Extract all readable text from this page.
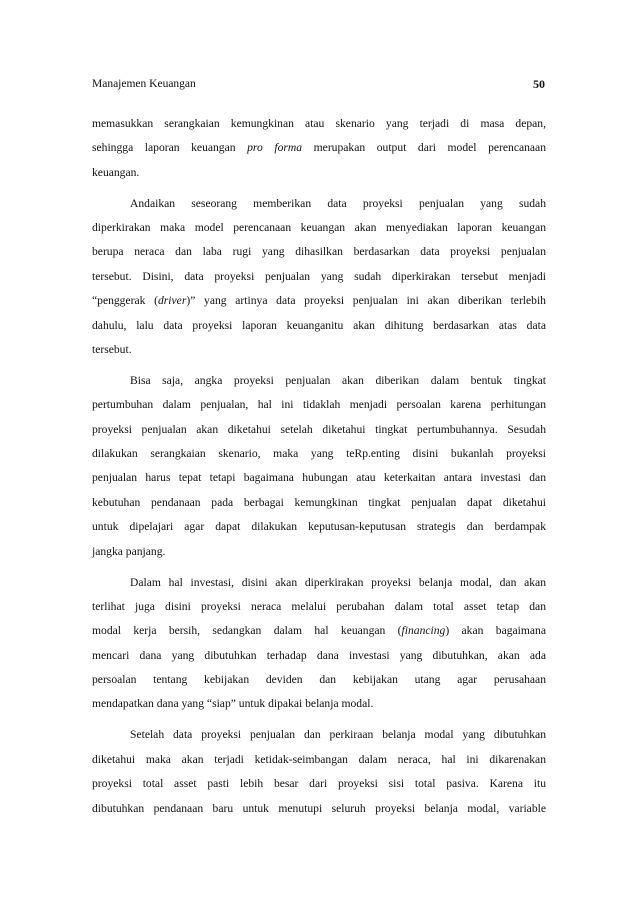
Manajemen Keuangan	50
memasukkan serangkaian kemungkinan atau skenario yang terjadi di masa depan,
sehingga laporan keuangan pro forma merupakan output dari model perencanaan
keuangan.
Andaikan seseorang memberikan data proyeksi penjualan yang sudah
diperkirakan maka model perencanaan keuangan akan menyediakan laporan keuangan
berupa neraca dan laba rugi yang dihasilkan berdasarkan data proyeksi penjualan
tersebut. Disini, data proyeksi penjualan yang sudah diperkirakan tersebut menjadi
“penggerak (driver)” yang artinya data proyeksi penjualan ini akan diberikan terlebih
dahulu, lalu data proyeksi laporan keuanganitu akan dihitung berdasarkan atas data
tersebut.
Bisa saja, angka proyeksi penjualan akan diberikan dalam bentuk tingkat
pertumbuhan dalam penjualan, hal ini tidaklah menjadi persoalan karena perhitungan
proyeksi penjualan akan diketahui setelah diketahui tingkat pertumbuhannya. Sesudah
dilakukan serangkaian skenario, maka yang teRp.enting disini bukanlah proyeksi
penjualan harus tepat tetapi bagaimana hubungan atau keterkaitan antara investasi dan
kebutuhan pendanaan pada berbagai kemungkinan tingkat penjualan dapat diketahui
untuk dipelajari agar dapat dilakukan keputusan-keputusan strategis dan berdampak
jangka panjang.
Dalam hal investasi, disini akan diperkirakan proyeksi belanja modal, dan akan
terlihat juga disini proyeksi neraca melalui perubahan dalam total asset tetap dan
modal kerja bersih, sedangkan dalam hal keuangan (financing) akan bagaimana
mencari dana yang dibutuhkan terhadap dana investasi yang dibutuhkan, akan ada
persoalan tentang kebijakan deviden dan kebijakan utang agar perusahaan
mendapatkan dana yang “siap” untuk dipakai belanja modal.
Setelah data proyeksi penjualan dan perkiraan belanja modal yang dibutuhkan
diketahui maka akan terjadi ketidak-seimbangan dalam neraca, hal ini dikarenakan
proyeksi total asset pasti lebih besar dari proyeksi sisi total pasiva. Karena itu
dibutuhkan pendanaan baru untuk menutupi seluruh proyeksi belanja modal, variable
